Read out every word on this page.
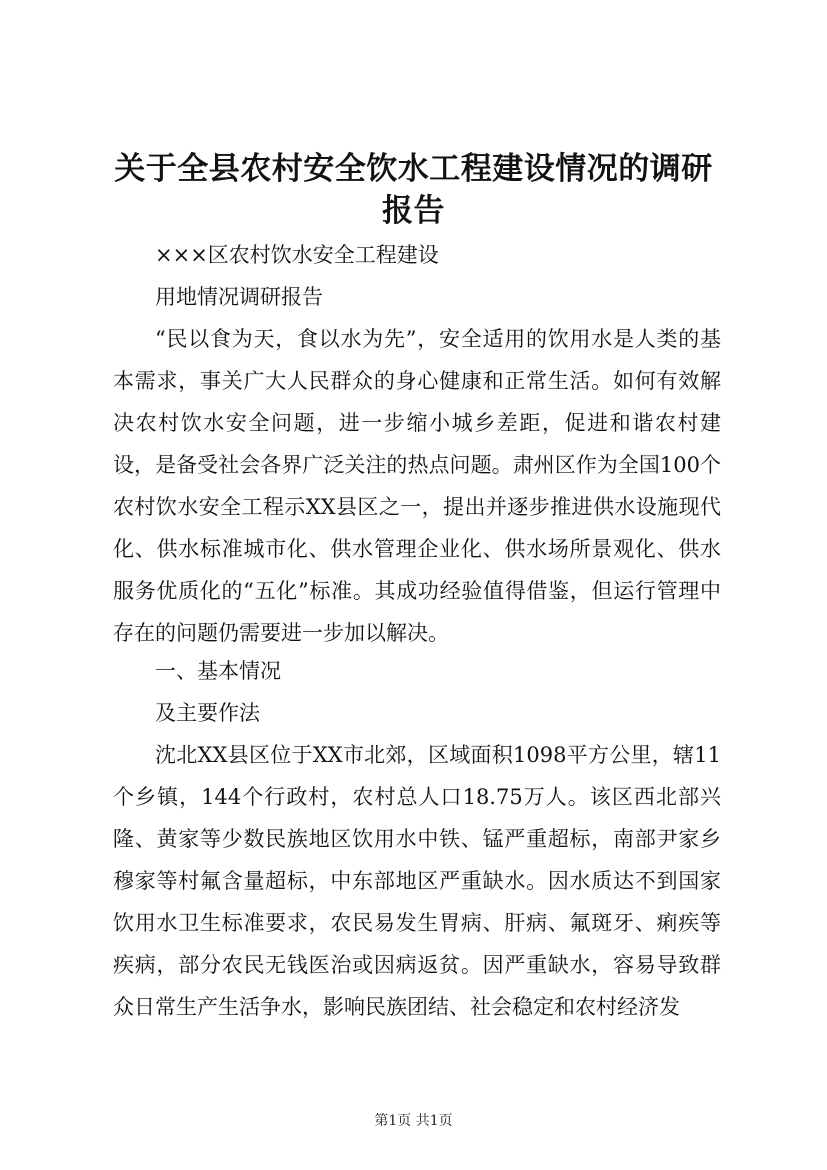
关于全县农村安全饮水工程建设情况的调研报告
×××区农村饮水安全工程建设
用地情况调研报告
“民以食为天，食以水为先”，安全适用的饮用水是人类的基本需求，事关广大人民群众的身心健康和正常生活。如何有效解决农村饮水安全问题，进一步缩小城乡差距，促进和谐农村建设，是备受社会各界广泛关注的热点问题。肃州区作为全国100个农村饮水安全工程示XX县区之一，提出并逐步推进供水设施现代化、供水标准城市化、供水管理企业化、供水场所景观化、供水服务优质化的“五化”标准。其成功经验值得借鉴，但运行管理中存在的问题仍需要进一步加以解决。
一、基本情况
及主要作法
沈北XX县区位于XX市北郊，区域面积1098平方公里，辖11个乡镇，144个行政村，农村总人口18.75万人。该区西北部兴隆、黄家等少数民族地区饮用水中铁、锰严重超标，南部尹家乡穆家等村氟含量超标，中东部地区严重缺水。因水质达不到国家饮用水卫生标准要求，农民易发生胃病、肝病、氟斑牙、痢疾等疾病，部分农民无钱医治或因病返贫。因严重缺水，容易导致群众日常生产生活争水，影响民族团结、社会稳定和农村经济发
第1页 共1页
